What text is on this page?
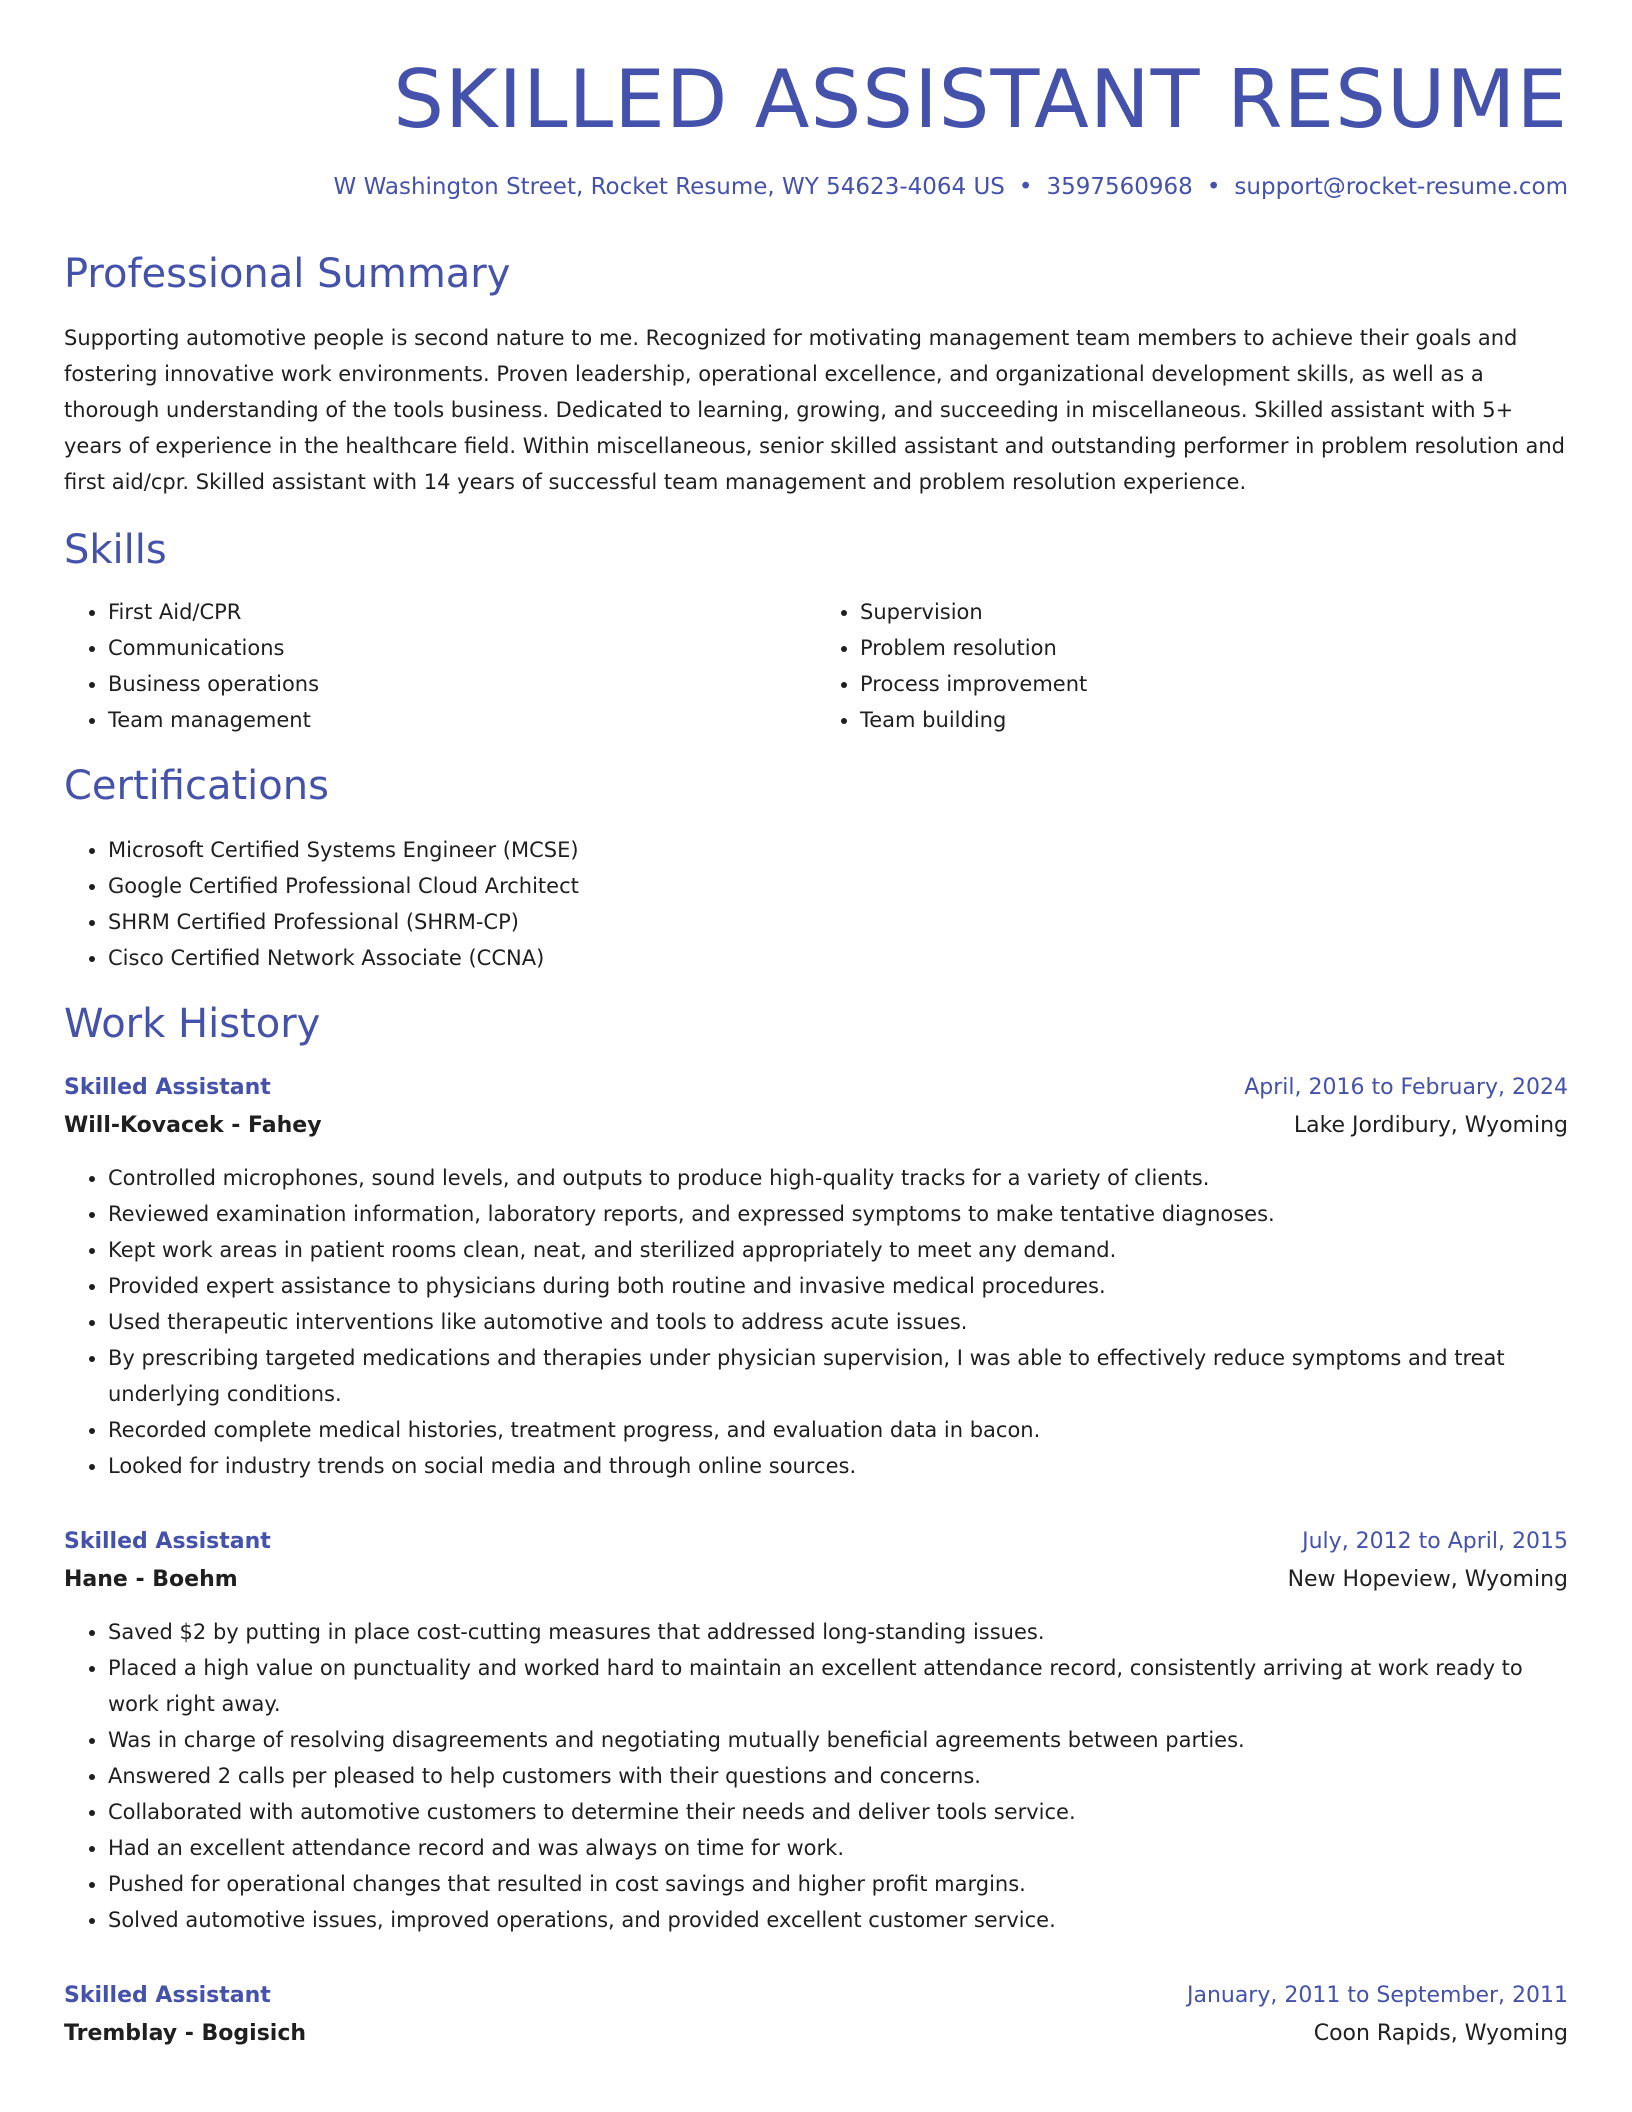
SKILLED ASSISTANT RESUME
W Washington Street, Rocket Resume, WY 54623-4064 US • 3597560968 • support@rocket-resume.com
Professional Summary

Supporting automotive people is second nature to me. Recognized for motivating management team members to achieve their goals and fostering innovative work environments. Proven leadership, operational excellence, and organizational development skills, as well as a thorough understanding of the tools business. Dedicated to learning, growing, and succeeding in miscellaneous. Skilled assistant with 5+ years of experience in the healthcare field. Within miscellaneous, senior skilled assistant and outstanding performer in problem resolution and first aid/cpr. Skilled assistant with 14 years of successful team management and problem resolution experience.

Skills
• First Aid/CPR
• Communications
• Business operations
• Team management
• Supervision
• Problem resolution
• Process improvement
• Team building
Certifications
• Microsoft Certified Systems Engineer (MCSE)
• Google Certified Professional Cloud Architect
• SHRM Certified Professional (SHRM-CP)
• Cisco Certified Network Associate (CCNA)
Work History
Skilled Assistant	April, 2016 to February, 2024
Will-Kovacek - Fahey	Lake Jordibury, Wyoming
• Controlled microphones, sound levels, and outputs to produce high-quality tracks for a variety of clients.
• Reviewed examination information, laboratory reports, and expressed symptoms to make tentative diagnoses.
• Kept work areas in patient rooms clean, neat, and sterilized appropriately to meet any demand.
• Provided expert assistance to physicians during both routine and invasive medical procedures.
• Used therapeutic interventions like automotive and tools to address acute issues.
• By prescribing targeted medications and therapies under physician supervision, I was able to effectively reduce symptoms and treat underlying conditions.
• Recorded complete medical histories, treatment progress, and evaluation data in bacon.
• Looked for industry trends on social media and through online sources.
Skilled Assistant	July, 2012 to April, 2015
Hane - Boehm	New Hopeview, Wyoming
• Saved $2 by putting in place cost-cutting measures that addressed long-standing issues.
• Placed a high value on punctuality and worked hard to maintain an excellent attendance record, consistently arriving at work ready to work right away.
• Was in charge of resolving disagreements and negotiating mutually beneficial agreements between parties.
• Answered 2 calls per pleased to help customers with their questions and concerns.
• Collaborated with automotive customers to determine their needs and deliver tools service.
• Had an excellent attendance record and was always on time for work.
• Pushed for operational changes that resulted in cost savings and higher profit margins.
• Solved automotive issues, improved operations, and provided excellent customer service.
Skilled Assistant	January, 2011 to September, 2011
Tremblay - Bogisich	Coon Rapids, Wyoming
